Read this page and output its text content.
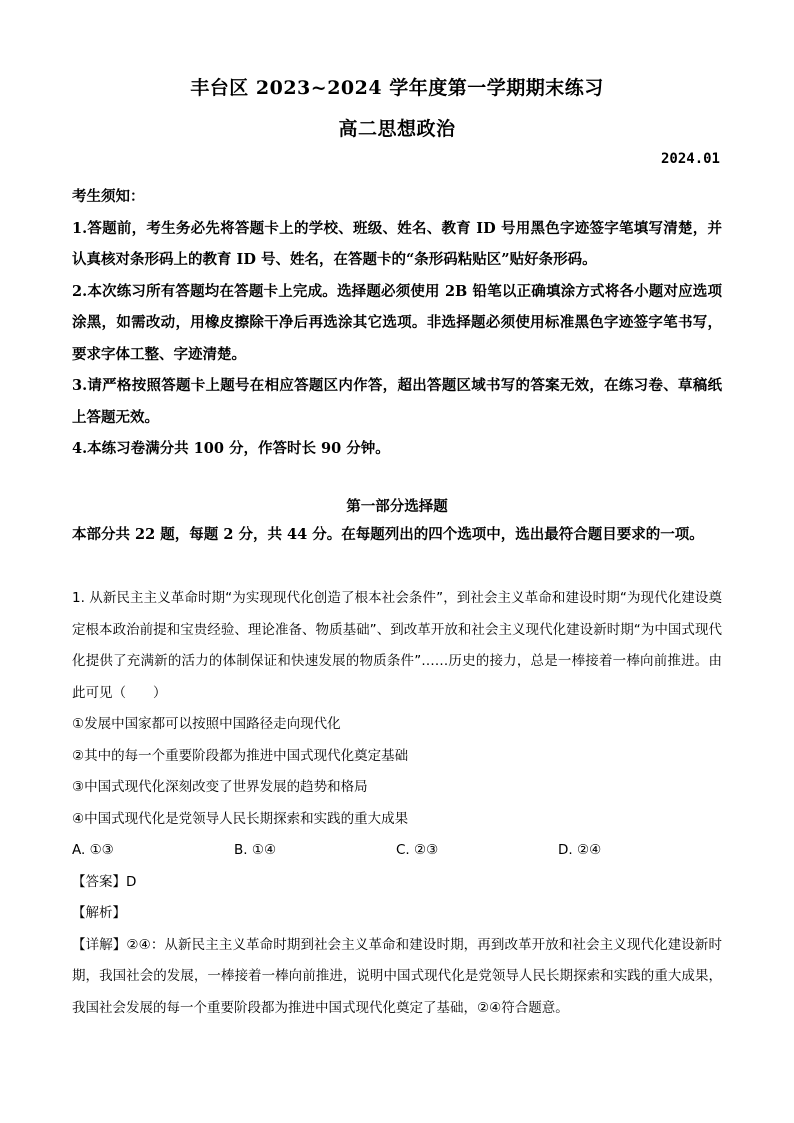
丰台区 2023~2024 学年度第一学期期末练习
高二思想政治
2024.01

考生须知：

1.答题前，考生务必先将答题卡上的学校、班级、姓名、教育 ID 号用黑色字迹签字笔填写清楚，并认真核对条形码上的教育 ID 号、姓名，在答题卡的“条形码粘贴区”贴好条形码。

2.本次练习所有答题均在答题卡上完成。选择题必须使用 2B 铅笔以正确填涂方式将各小题对应选项涂黑，如需改动，用橡皮擦除干净后再选涂其它选项。非选择题必须使用标准黑色字迹签字笔书写，要求字体工整、字迹清楚。

3.请严格按照答题卡上题号在相应答题区内作答，超出答题区域书写的答案无效，在练习卷、草稿纸上答题无效。

4.本练习卷满分共 100 分，作答时长 90 分钟。

第一部分选择题
本部分共 22 题，每题 2 分，共 44 分。在每题列出的四个选项中，选出最符合题目要求的一项。

1. 从新民主主义革命时期“为实现现代化创造了根本社会条件”，到社会主义革命和建设时期“为现代化建设奠定根本政治前提和宝贵经验、理论准备、物质基础”、到改革开放和社会主义现代化建设新时期“为中国式现代化提供了充满新的活力的体制保证和快速发展的物质条件”……历史的接力，总是一棒接着一棒向前推进。由此可见（　　）

①发展中国家都可以按照中国路径走向现代化

②其中的每一个重要阶段都为推进中国式现代化奠定基础

③中国式现代化深刻改变了世界发展的趋势和格局

④中国式现代化是党领导人民长期探索和实践的重大成果

A. ①③	B. ①④	C. ②③	D. ②④

【答案】D

【解析】

【详解】②④：从新民主主义革命时期到社会主义革命和建设时期，再到改革开放和社会主义现代化建设新时期，我国社会的发展，一棒接着一棒向前推进，说明中国式现代化是党领导人民长期探索和实践的重大成果，我国社会发展的每一个重要阶段都为推进中国式现代化奠定了基础，②④符合题意。
